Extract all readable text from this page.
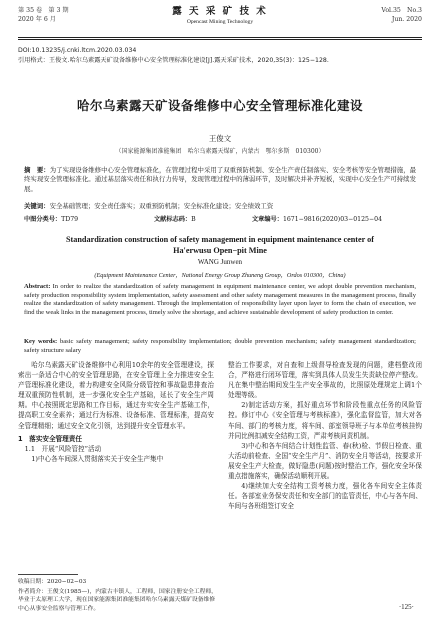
第 35 卷　第 3 期
2020 年 6 月
露 天 采 矿 技 术
Opencast Mining Technology
Vol.35　No.3
Jun. 2020
DOI:10.13235/j.cnki.ltcm.2020.03.034
引用格式：王俊文.哈尔乌素露天矿设备维修中心安全管理标准化建设[J].露天采矿技术，2020,35(3)：125−128.
哈尔乌素露天矿设备维修中心安全管理标准化建设
王俊文
（国家能源集团准能集团　哈尔乌素露天煤矿，内蒙古　鄂尔多斯　010300）
摘　要：为了实现设备维修中心安全管理标准化，在管理过程中采用了双重预防机制、安全生产责任制落实、安全考核等安全管理措施，最终实现安全管理标准化。通过基层落实责任和执行力传导，发现管理过程中的薄弱环节，及时解决并补齐短板，实现中心安全生产可持续发展。
关键词：安全基础管理；安全责任落实；双重预防机制；安全标准化建设；安全绩效工资
中图分类号：TD79	文献标志码：B	文章编号：1671−9816(2020)03−0125−04
Standardization construction of safety management in equipment maintenance center of
Ha'erwusu Open−pit Mine
WANG Junwen
(Equipment Maintenance Center，National Energy Group Zhuneng Group，Ordos 010300，China)
Abstract: In order to realize the standardization of safety management in equipment maintenance center, we adopt double prevention mechanism, safety production responsibility system implementation, safety assessment and other safety management measures in the management process, finally realize the standardization of safety management. Through the implementation of responsibility layer upon layer to form the chain of execution, we find the weak links in the management process, timely solve the shortage, and achieve sustainable development of safety production in center.
Key words: basic safety management; safety responsibility implementation; double prevention mechanism; safety management standardization; safety structure salary

哈尔乌素露天矿设备维修中心利用10余年的安全管理建设，探索出一条适合中心的安全管理思路，在安全管理上全力推进安全生产管理标准化建设，着力构建安全风险分级管控和事故隐患排查治理双重预防性机制，进一步强化安全生产基础，延长了安全生产周期。中心按照既定思路和工作目标，通过夯实安全生产基础工作，提高职工安全素养；通过行为标准、设备标准、管理标准，提高安全管理精细；通过安全文化引领，达到提升安全管理水平。

1　落实安全管理责任

1.1　开展“风险管控”活动

1)中心各车间深入贯彻落实关于安全生产集中

整治工作要求，对自查和上级督导检查发现的问题，建档整改闭合，严格进行闭环管理，落实到具体人员发生失责缺位停产整改。凡在集中整治期间发生生产安全事故的，比照原处理规定上调1个处理等级。

2)制定活动方案，抓好重点环节和阶段性重点任务的风险管控。修订中心《安全管理与考核标准》，强化监督监管，加大对各车间、部门的考核力度，将车间、部室领导班子与本单位考核挂钩并同比例扣减安全结构工资，严肃考核问责机制。

3)中心和各车间结合计划性监管、春(秋)检、节假日检查、重大活动前检查、全国“安全生产月”、消防安全月等活动，按要求开展安全生产大检查，做好隐患(问题)按时整治工作，强化安全环保重点措施落实，确保活动顺利开展。

4)继续加大安全结构工资考核力度，强化各车间安全主体责任。各部室业务保安责任和安全部门的监管责任，中心与各车间、车间与各班组签订安全

收稿日期：2020−02−03
作者简介：王俊文(1985—)，内蒙古丰镇人，工程师，国家注册安全工程师，毕业于太原理工大学，现在国家能源集团准能集团哈尔乌素露天煤矿设备维修中心从事安全监察与管理工作。	·125·
